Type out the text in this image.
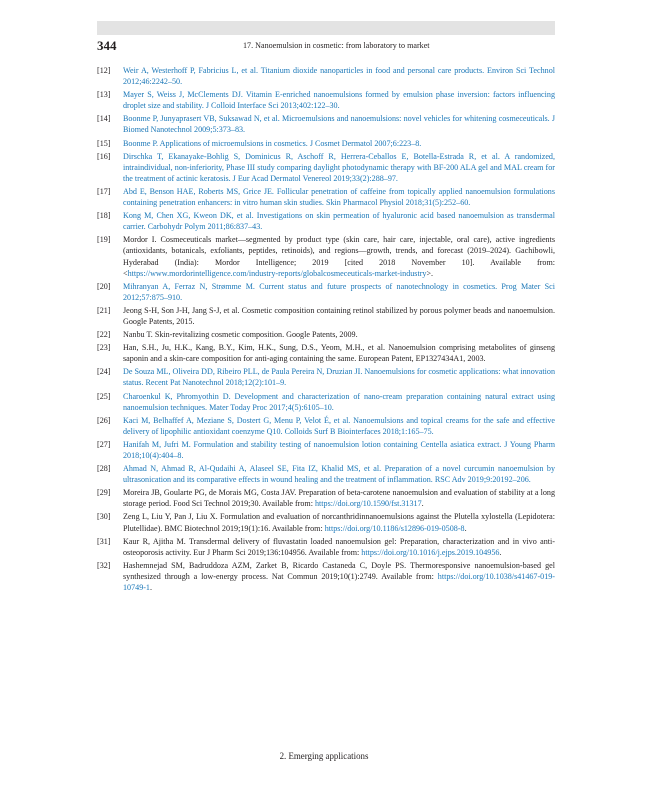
344	17. Nanoemulsion in cosmetic: from laboratory to market
[12] Weir A, Westerhoff P, Fabricius L, et al. Titanium dioxide nanoparticles in food and personal care products. Environ Sci Technol 2012;46:2242–50.
[13] Mayer S, Weiss J, McClements DJ. Vitamin E-enriched nanoemulsions formed by emulsion phase inversion: factors influencing droplet size and stability. J Colloid Interface Sci 2013;402:122–30.
[14] Boonme P, Junyaprasert VB, Suksawad N, et al. Microemulsions and nanoemulsions: novel vehicles for whitening cosmeceuticals. J Biomed Nanotechnol 2009;5:373–83.
[15] Boonme P. Applications of microemulsions in cosmetics. J Cosmet Dermatol 2007;6:223–8.
[16] Dirschka T, Ekanayake-Bohlig S, Dominicus R, Aschoff R, Herrera-Ceballos E, Botella-Estrada R, et al. A randomized, intraindividual, non-inferiority, Phase III study comparing daylight photodynamic therapy with BF-200 ALA gel and MAL cream for the treatment of actinic keratosis. J Eur Acad Dermatol Venereol 2019;33(2):288–97.
[17] Abd E, Benson HAE, Roberts MS, Grice JE. Follicular penetration of caffeine from topically applied nanoemulsion formulations containing penetration enhancers: in vitro human skin studies. Skin Pharmacol Physiol 2018;31(5):252–60.
[18] Kong M, Chen XG, Kweon DK, et al. Investigations on skin permeation of hyaluronic acid based nanoemulsion as transdermal carrier. Carbohydr Polym 2011;86:837–43.
[19] Mordor I. Cosmeceuticals market—segmented by product type (skin care, hair care, injectable, oral care), active ingredients (antioxidants, botanicals, exfoliants, peptides, retinoids), and regions—growth, trends, and forecast (2019–2024). Gachibowli, Hyderabad (India): Mordor Intelligence; 2019 [cited 2018 November 10]. Available from: <https://www.mordorintelligence.com/industry-reports/globalcosmeceuticals-market-industry>.
[20] Mihranyan A, Ferraz N, Strømme M. Current status and future prospects of nanotechnology in cosmetics. Prog Mater Sci 2012;57:875–910.
[21] Jeong S-H, Son J-H, Jang S-J, et al. Cosmetic composition containing retinol stabilized by porous polymer beads and nanoemulsion. Google Patents, 2015.
[22] Nanbu T. Skin-revitalizing cosmetic composition. Google Patents, 2009.
[23] Han, S.H., Ju, H.K., Kang, B.Y., Kim, H.K., Sung, D.S., Yeom, M.H., et al. Nanoemulsion comprising metabolites of ginseng saponin and a skin-care composition for anti-aging containing the same. European Patent, EP1327434A1, 2003.
[24] De Souza ML, Oliveira DD, Ribeiro PLL, de Paula Pereira N, Druzian JI. Nanoemulsions for cosmetic applications: what innovation status. Recent Pat Nanotechnol 2018;12(2):101–9.
[25] Charoenkul K, Phromyothin D. Development and characterization of nano-cream preparation containing natural extract using nanoemulsion techniques. Mater Today Proc 2017;4(5):6105–10.
[26] Kaci M, Belhaffef A, Meziane S, Dostert G, Menu P, Velot É, et al. Nanoemulsions and topical creams for the safe and effective delivery of lipophilic antioxidant coenzyme Q10. Colloids Surf B Biointerfaces 2018;1:165–75.
[27] Hanifah M, Jufri M. Formulation and stability testing of nanoemulsion lotion containing Centella asiatica extract. J Young Pharm 2018;10(4):404–8.
[28] Ahmad N, Ahmad R, Al-Qudaihi A, Alaseel SE, Fita IZ, Khalid MS, et al. Preparation of a novel curcumin nanoemulsion by ultrasonication and its comparative effects in wound healing and the treatment of inflammation. RSC Adv 2019;9:20192–206.
[29] Moreira JB, Goularte PG, de Morais MG, Costa JAV. Preparation of beta-carotene nanoemulsion and evaluation of stability at a long storage period. Food Sci Technol 2019;30. Available from: https://doi.org/10.1590/fst.31317.
[30] Zeng L, Liu Y, Pan J, Liu X. Formulation and evaluation of norcanthridinnanoemulsions against the Plutella xylostella (Lepidotera: Plutellidae). BMC Biotechnol 2019;19(1):16. Available from: https://doi.org/10.1186/s12896-019-0508-8.
[31] Kaur R, Ajitha M. Transdermal delivery of fluvastatin loaded nanoemulsion gel: Preparation, characterization and in vivo anti-osteoporosis activity. Eur J Pharm Sci 2019;136:104956. Available from: https://doi.org/10.1016/j.ejps.2019.104956.
[32] Hashemnejad SM, Badruddoza AZM, Zarket B, Ricardo Castaneda C, Doyle PS. Thermoresponsive nanoemulsion-based gel synthesized through a low-energy process. Nat Commun 2019;10(1):2749. Available from: https://doi.org/10.1038/s41467-019-10749-1.
2. Emerging applications
